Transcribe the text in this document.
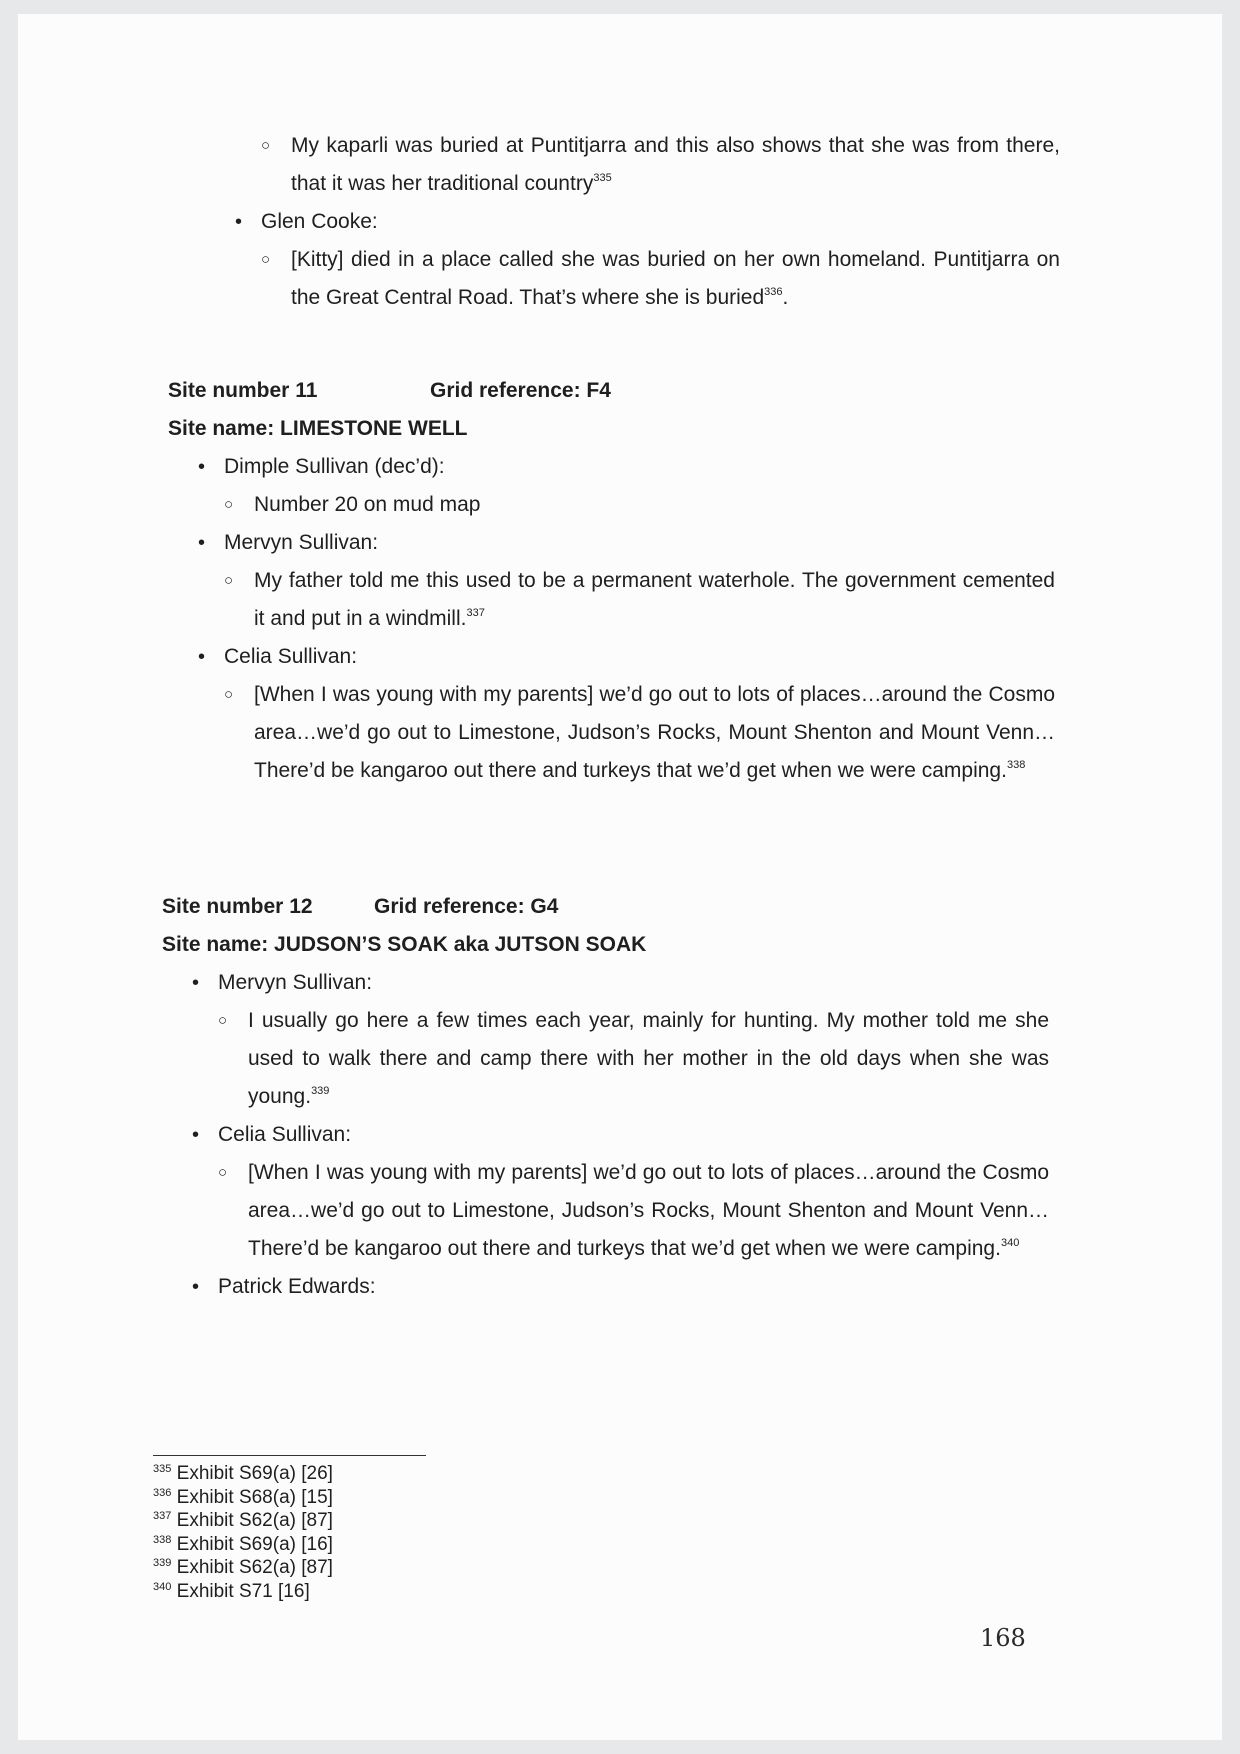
○ My kaparli was buried at Puntitjarra and this also shows that she was from there, that it was her traditional country$^{335}$
• Glen Cooke:
○ [Kitty] died in a place called she was buried on her own homeland. Puntitjarra on the Great Central Road. That’s where she is buried$^{336}$.
Site number 11	Grid reference: F4
Site name: LIMESTONE WELL
• Dimple Sullivan (dec’d):
○ Number 20 on mud map
• Mervyn Sullivan:
○ My father told me this used to be a permanent waterhole. The government cemented it and put in a windmill.$^{337}$
• Celia Sullivan:
○ [When I was young with my parents] we’d go out to lots of places…around the Cosmo area…we’d go out to Limestone, Judson’s Rocks, Mount Shenton and Mount Venn…There’d be kangaroo out there and turkeys that we’d get when we were camping.$^{338}$
Site number 12	Grid reference: G4
Site name: JUDSON’S SOAK aka JUTSON SOAK
• Mervyn Sullivan:
○ I usually go here a few times each year, mainly for hunting. My mother told me she used to walk there and camp there with her mother in the old days when she was young.$^{339}$
• Celia Sullivan:
○ [When I was young with my parents] we’d go out to lots of places…around the Cosmo area…we’d go out to Limestone, Judson’s Rocks, Mount Shenton and Mount Venn…There’d be kangaroo out there and turkeys that we’d get when we were camping.$^{340}$
• Patrick Edwards:
$^{335}$ Exhibit S69(a) [26]
$^{336}$ Exhibit S68(a) [15]
$^{337}$ Exhibit S62(a) [87]
$^{338}$ Exhibit S69(a) [16]
$^{339}$ Exhibit S62(a) [87]
$^{340}$ Exhibit S71 [16]
168
